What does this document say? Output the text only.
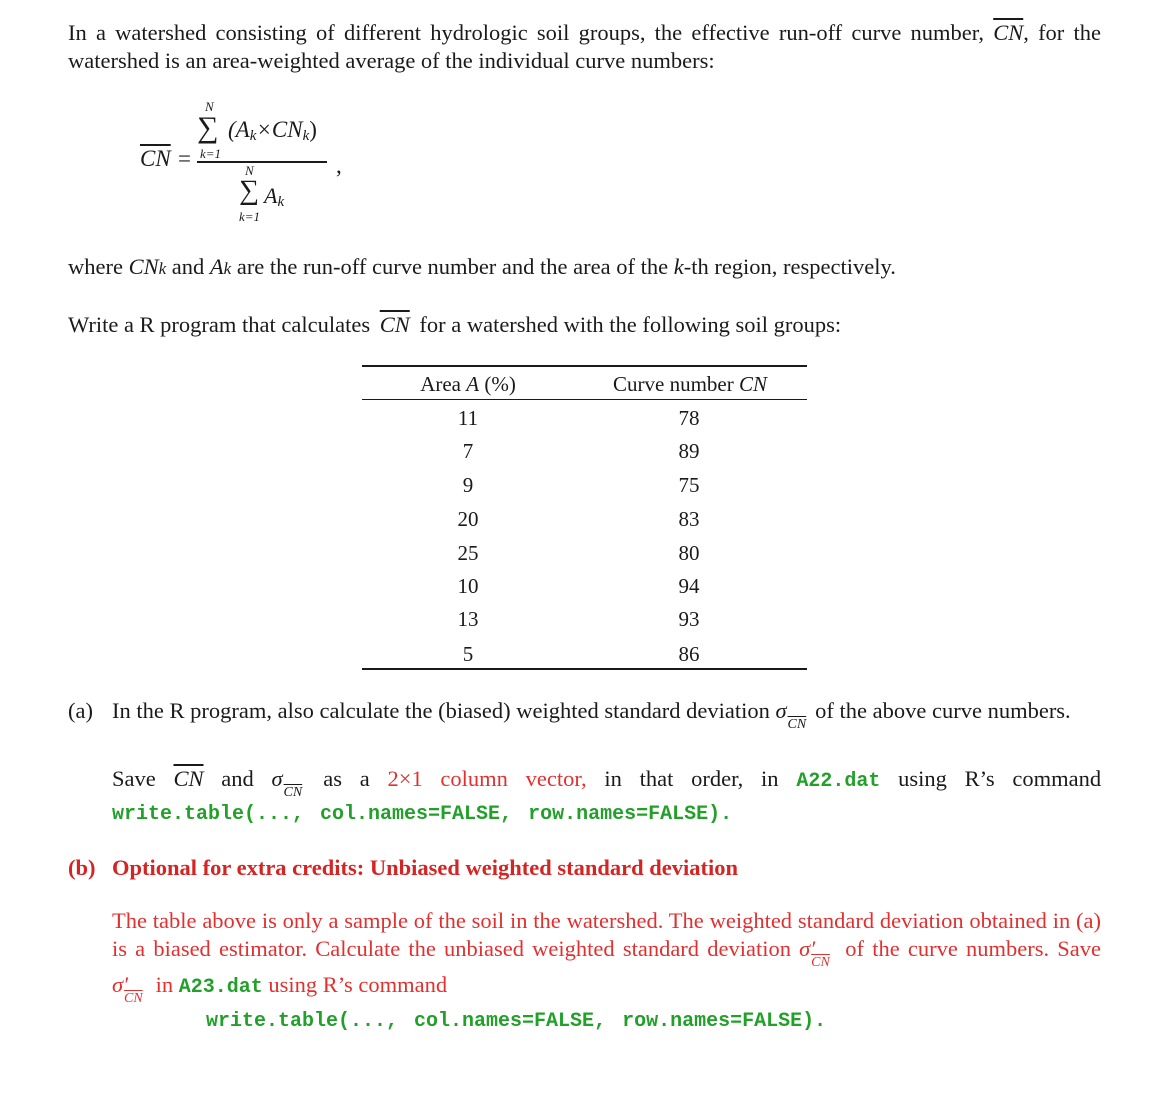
In a watershed consisting of different hydrologic soil groups, the effective run-off curve number, $\overline{CN}$, for the
watershed is an area-weighted average of the individual curve numbers:
$\overline{CN}$ =
N
∑ $(A_k\times CN_k)$
k=1
N
∑ $A_k$
k=1
,
where CNk and Ak are the run-off curve number and the area of the k-th region, respectively.
Write a R program that calculates $\overline{CN}$ for a watershed with the following soil groups:
Area A (%)	Curve number CN
11	78
7	89
9	75
20	83
25	80
10	94
13	93
5	86
(a) In the R program, also calculate the (biased) weighted standard deviation σ
$\overline{CN}$
of the above curve numbers.
Save $\overline{CN}$ and σ
$\overline{CN}$
as a 2×1 column vector, in that order, in A22.dat using R’s command
write.table(..., col.names=FALSE, row.names=FALSE).
(b) Optional for extra credits: Unbiased weighted standard deviation
The table above is only a sample of the soil in the watershed. The weighted standard deviation obtained in (a)
is a biased estimator. Calculate the unbiased weighted standard deviation σ′
$\overline{CN}$
of the curve numbers. Save
σ′
$\overline{CN}$
in A23.dat using R’s command
write.table(..., col.names=FALSE, row.names=FALSE).
